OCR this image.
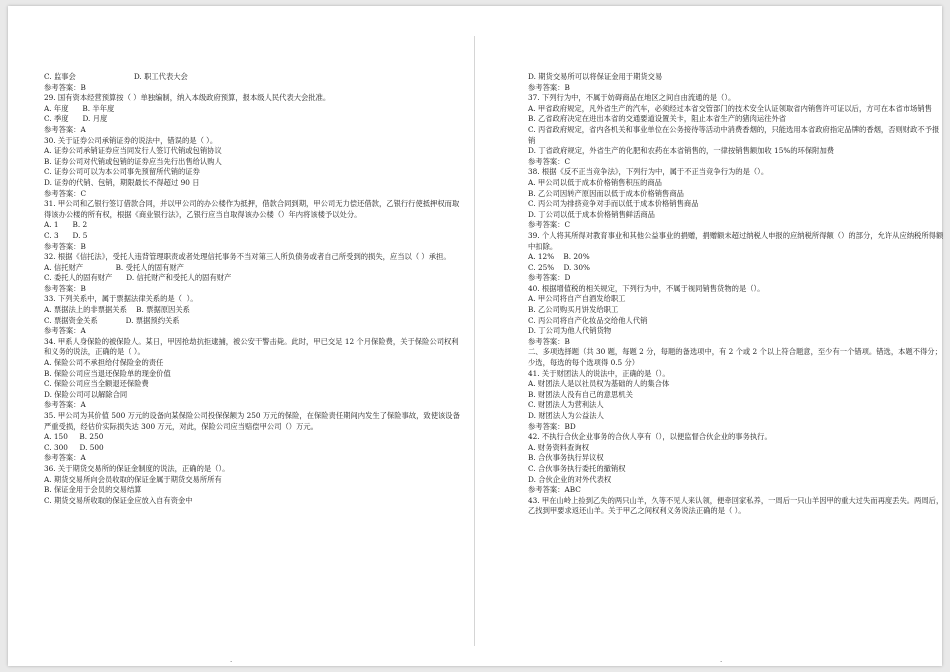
C. 监事会                         D. 职工代表大会

参考答案：B

29. 国有资本经营预算按（ ）单独编制，纳入本级政府预算，报本级人民代表大会批准。

A. 年度      B. 半年度

C. 季度      D. 月度

参考答案：A

30. 关于证券公司承销证券的说法中，错误的是（ ）。

A. 证券公司承销证券应当同发行人签订代销或包销协议

B. 证券公司对代销或包销的证券应当先行出售给认购人

C. 证券公司可以为本公司事先预留所代销的证券

D. 证券的代销、包销，期限最长不得超过 90 日

参考答案：C

31. 甲公司和乙银行签订借款合同，并以甲公司的办公楼作为抵押，借款合同到期，甲公司无力偿还借款，乙银行行使抵押权而取得该办公楼的所有权，根据《商业银行法》，乙银行应当自取得该办公楼（）年内将该楼予以处分。

A. 1      B. 2

C. 3      D. 5

参考答案：B

32. 根据《信托法》，受托人违背管理职责或者处理信托事务不当对第三人所负债务或者自己所受到的损失，应当以（ ）承担。

A. 信托财产              B. 受托人的固有财产

C. 委托人的固有财产      D. 信托财产和受托人的固有财产

参考答案：B

33. 下列关系中，属于票据法律关系的是（  ）。

A. 票据法上的非票据关系    B. 票据原因关系

C. 票据资金关系            D. 票据预约关系

参考答案：A

34. 甲系人身保险的被保险人。某日，甲因抢劫抗拒逮捕，被公安干警击毙。此时，甲已交足 12 个月保险费，关于保险公司权利和义务的说法，正确的是（ ）。

A. 保险公司不承担给付保险金的责任

B. 保险公司应当退还保险单的现金价值

C. 保险公司应当全额退还保险费

D. 保险公司可以解除合同

参考答案：A

35. 甲公司为其价值 500 万元的设备向某保险公司投保保额为 250 万元的保险，在保险责任期间内发生了保险事故，致使该设备严重受损，经估价实际损失达 300 万元，对此，保险公司应当赔偿甲公司（）万元。

A. 150     B. 250

C. 300     D. 500

参考答案：A

36. 关于期货交易所的保证金制度的说法，正确的是（）。

A. 期货交易所向会员收取的保证金属于期货交易所所有

B. 保证金用于会员的交易结算

C. 期货交易所收取的保证金应放入自有资金中

D. 期货交易所可以将保证金用于期货交易

参考答案：B

37. 下列行为中，不属于妨碍商品在地区之间自由流通的是（）。

A. 甲省政府规定，凡外省生产的汽车，必须经过本省交管部门的技术安全认证领取省内销售许可证以后，方可在本省市场销售

B. 乙省政府决定在进出本省的交通要道设置关卡，阻止本省生产的猪肉运往外省

C. 丙省政府规定，省内各机关和事业单位在公务接待等活动中消费香烟的，只能选用本省政府指定品牌的香烟，否则财政不予报销

D. 丁省政府规定，外省生产的化肥和农药在本省销售的，一律按销售额加收 15%的环保附加费

参考答案：C

38. 根据《反不正当竞争法》，下列行为中，属于不正当竞争行为的是（）。

A. 甲公司以低于成本价格销售积压的商品

B. 乙公司因转产原因而以低于成本价格销售商品

C. 丙公司为排挤竞争对手而以低于成本价格销售商品

D. 丁公司以低于成本价格销售鲜活商品

参考答案：C

39. 个人将其所得对教育事业和其他公益事业的捐赠，捐赠额未超过纳税人申报的应纳税所得额（）的部分，允许从应纳税所得额中扣除。

A. 12%    B. 20%

C. 25%    D. 30%

参考答案：D

40. 根据增值税的相关规定，下列行为中，不属于视同销售货物的是（）。

A. 甲公司将自产自酒发给职工

B. 乙公司购买月饼发给职工

C. 丙公司将自产化妆品交给他人代销

D. 丁公司为他人代销货物

参考答案：B

二、多项选择题（共 30 题，每题 2 分，每题的备选项中，有 2 个或 2 个以上符合题意，至少有一个错项。错选，本题不得分；少选，每选的每个选项得 0.5 分）

41. 关于财团法人的说法中，正确的是（）。

A. 财团法人是以社员权为基础的人的集合体

B. 财团法人没有自己的意思机关

C. 财团法人为营利法人

D. 财团法人为公益法人

参考答案：BD

42. 不执行合伙企业事务的合伙人享有（），以便监督合伙企业的事务执行。

A. 财务资料查询权

B. 合伙事务执行异议权

C. 合伙事务执行委托的撤销权

D. 合伙企业的对外代表权

参考答案：ABC

43. 甲在山岭上捡到乙失的两只山羊，久等不见人来认领，便牵回家私养，一周后一只山羊因甲的重大过失而再度丢失。两周后，乙找到甲要求返还山羊。关于甲乙之间权利义务说法正确的是（ ）。

.	.
